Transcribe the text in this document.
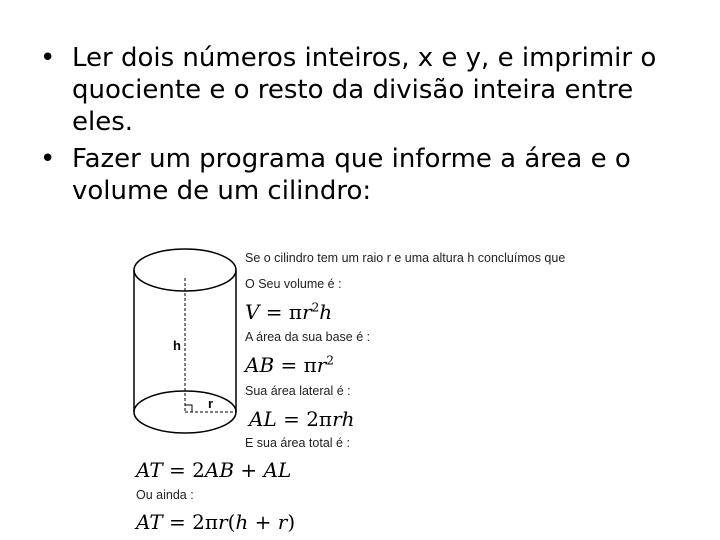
• Ler dois números inteiros, x e y, e imprimir o quociente e o resto da divisão inteira entre eles.
• Fazer um programa que informe a área e o volume de um cilindro:
h
r
Se o cilindro tem um raio r e uma altura h concluímos que
O Seu volume é :
$V = \pi r^2h$
A área da sua base é :
AB = $\pi r^2$
Sua área lateral é :
AL = 2πrh
E sua área total é :
AT = 2AB + AL
Ou ainda :
AT = 2πr(h + r)
